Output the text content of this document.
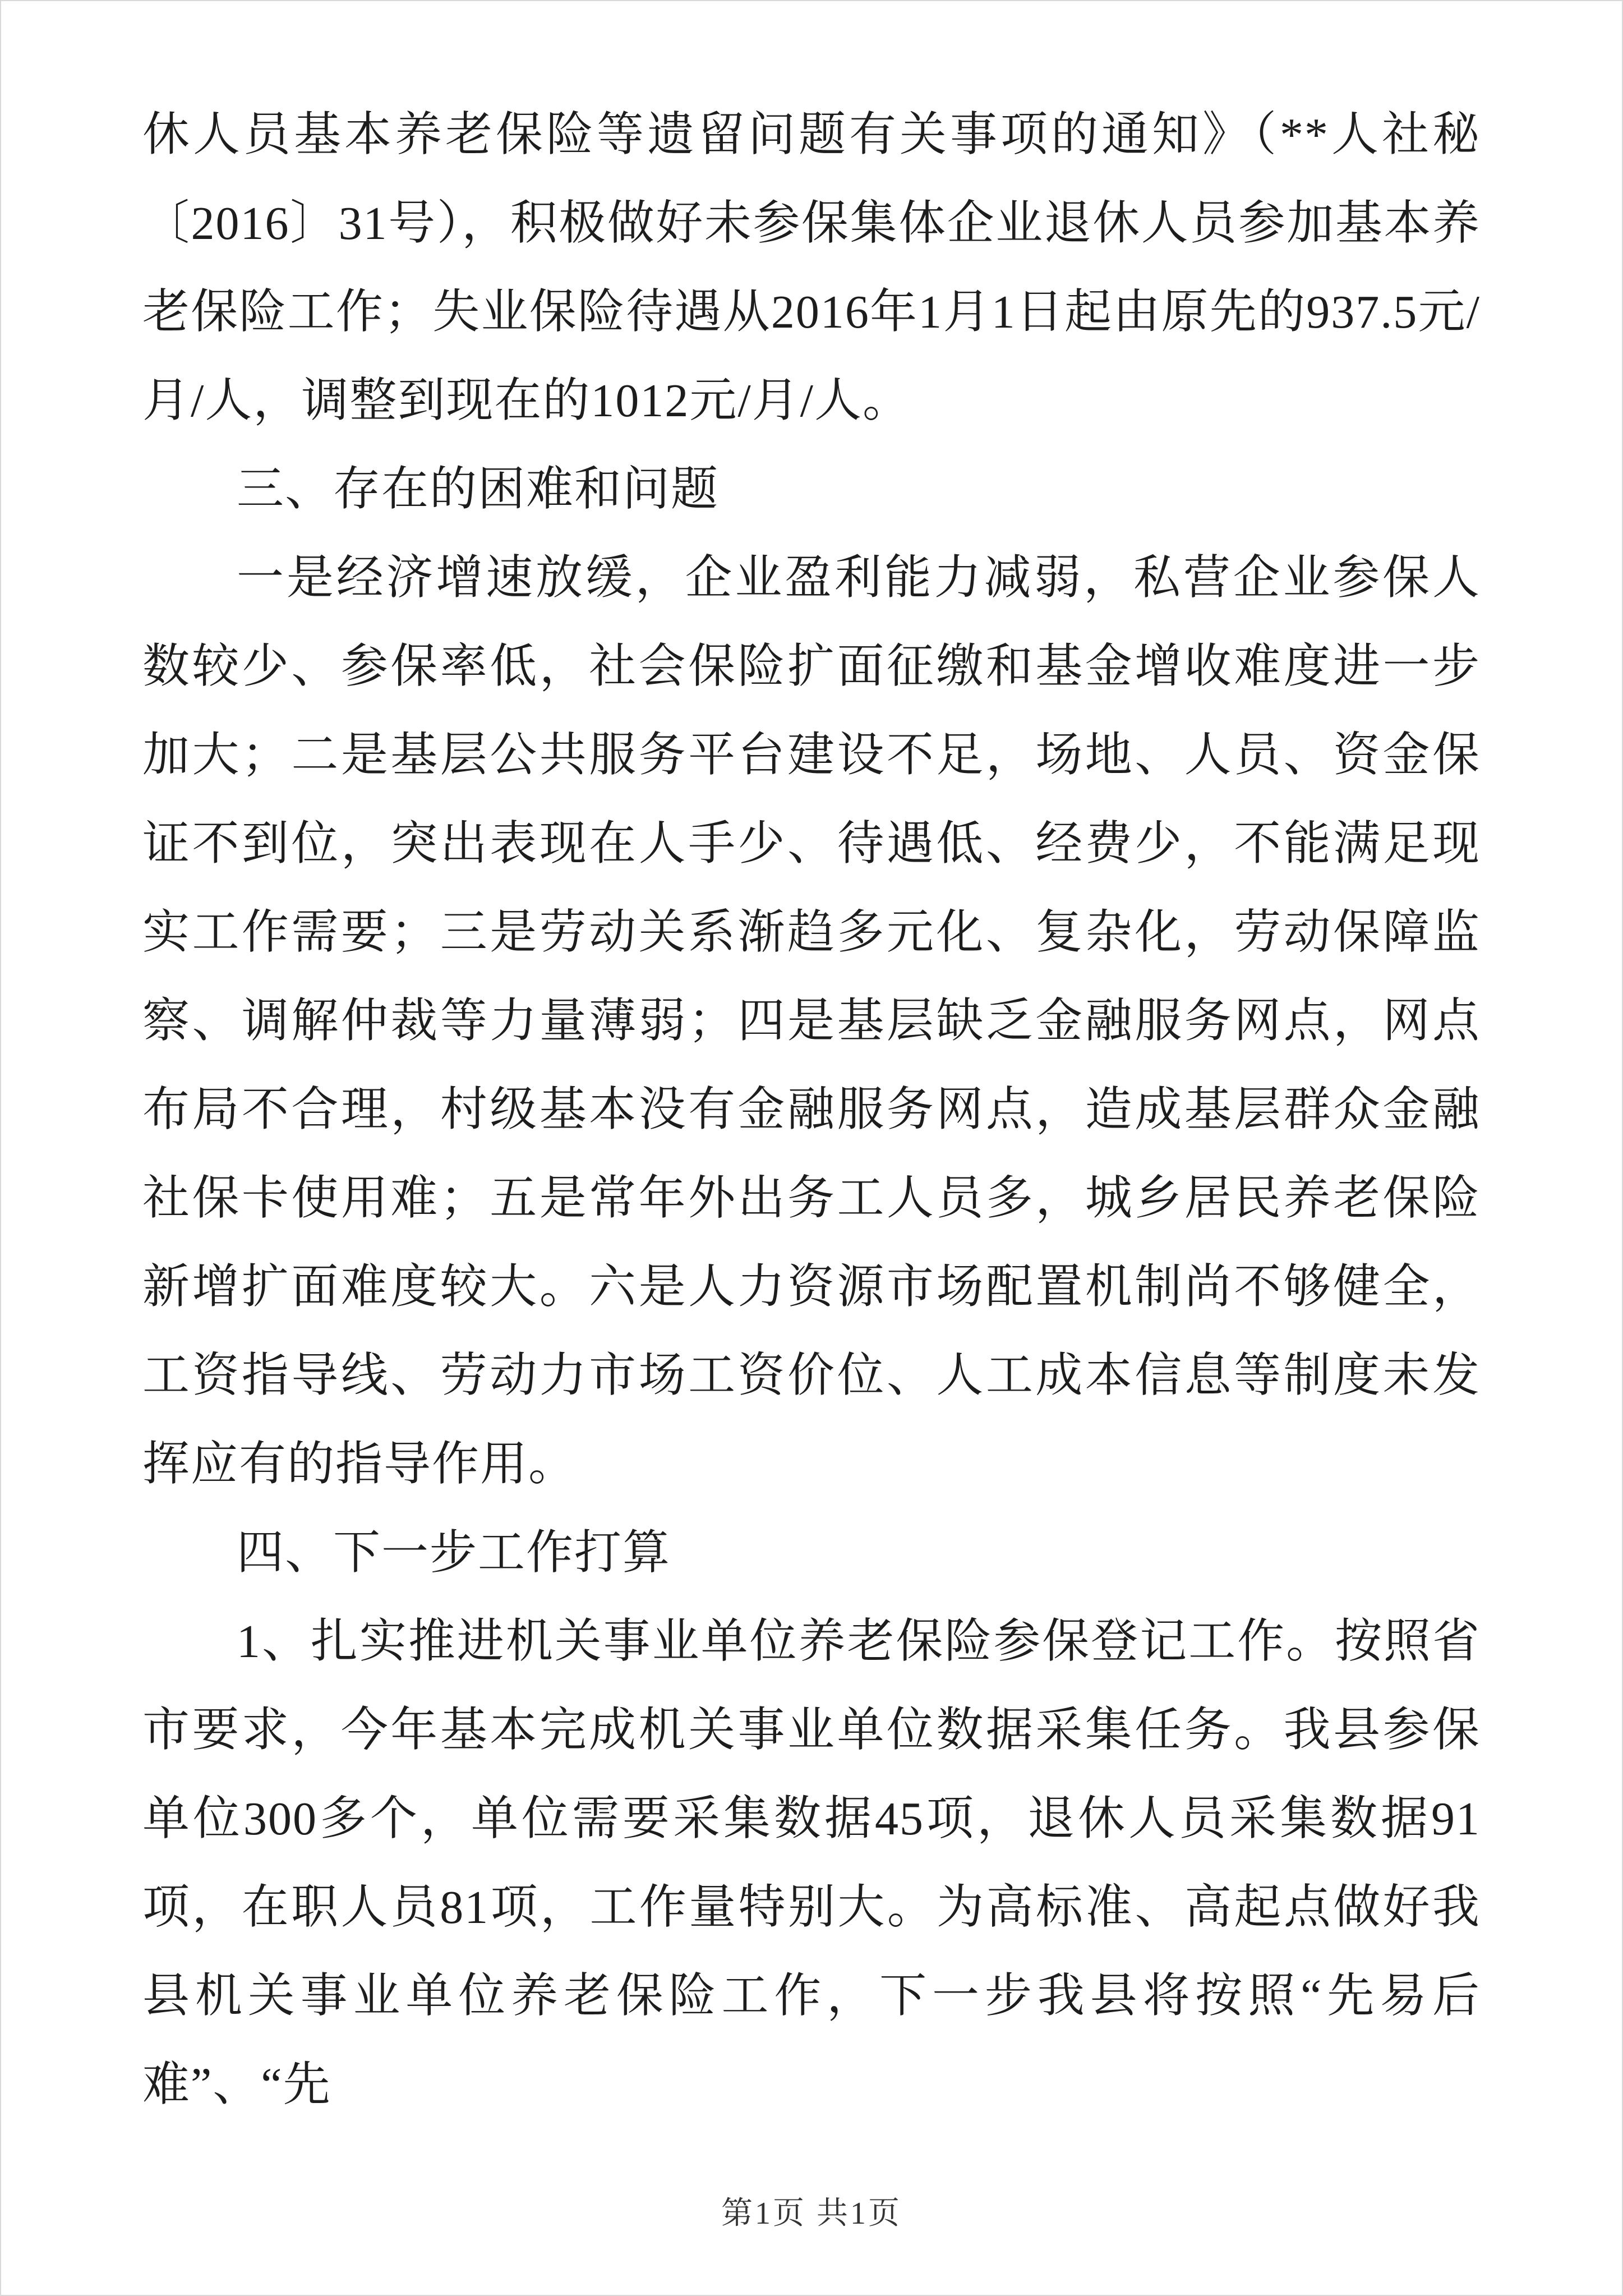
休人员基本养老保险等遗留问题有关事项的通知》（**人社秘〔2016〕31号），积极做好未参保集体企业退休人员参加基本养老保险工作；失业保险待遇从2016年1月1日起由原先的937.5元/月/人，调整到现在的1012元/月/人。

三、存在的困难和问题

一是经济增速放缓，企业盈利能力减弱，私营企业参保人数较少、参保率低，社会保险扩面征缴和基金增收难度进一步加大；二是基层公共服务平台建设不足，场地、人员、资金保证不到位，突出表现在人手少、待遇低、经费少，不能满足现实工作需要；三是劳动关系渐趋多元化、复杂化，劳动保障监察、调解仲裁等力量薄弱；四是基层缺乏金融服务网点，网点布局不合理，村级基本没有金融服务网点，造成基层群众金融社保卡使用难；五是常年外出务工人员多，城乡居民养老保险新增扩面难度较大。六是人力资源市场配置机制尚不够健全，工资指导线、劳动力市场工资价位、人工成本信息等制度未发挥应有的指导作用。

四、下一步工作打算

1、扎实推进机关事业单位养老保险参保登记工作。按照省市要求，今年基本完成机关事业单位数据采集任务。我县参保单位300多个，单位需要采集数据45项，退休人员采集数据91项，在职人员81项，工作量特别大。为高标准、高起点做好我县机关事业单位养老保险工作，下一步我县将按照“先易后难”、“先

第1页 共1页
